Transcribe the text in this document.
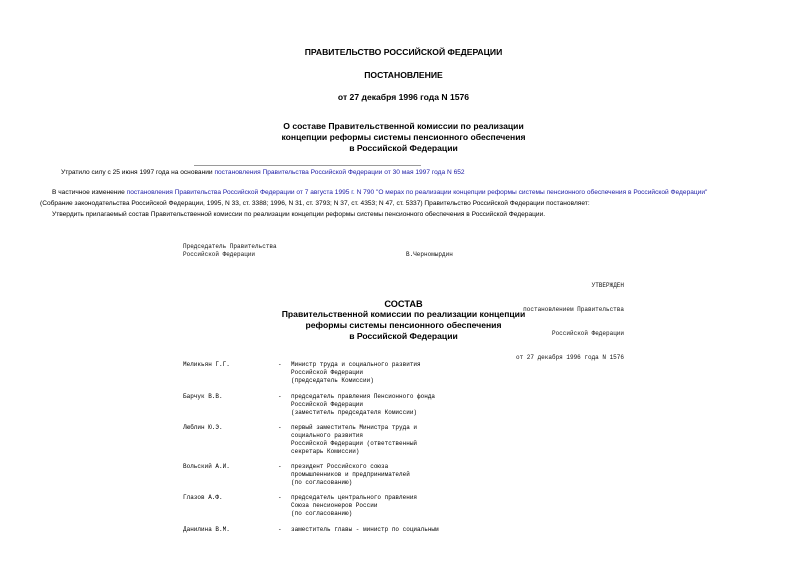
ПРАВИТЕЛЬСТВО РОССИЙСКОЙ ФЕДЕРАЦИИ
ПОСТАНОВЛЕНИЕ
от 27 декабря 1996 года N 1576
О составе Правительственной комиссии по реализации
концепции реформы системы пенсионного обеспечения
в Российской Федерации
Утратило силу с 25 июня 1997 года на основании постановления Правительства Российской Федерации от 30 мая 1997 года N 652
В частичное изменение постановления Правительства Российской Федерации от 7 августа 1995 г. N 790 "О мерах по реализации концепции реформы системы пенсионного обеспечения в Российской Федерации"
(Собрание законодательства Российской Федерации, 1995, N 33, ст. 3388; 1996, N 31, ст. 3793; N 37, ст. 4353; N 47, ст. 5337) Правительство Российской Федерации постановляет:
Утвердить прилагаемый состав Правительственной комиссии по реализации концепции реформы системы пенсионного обеспечения в Российской Федерации.
Председатель Правительства
Российской Федерации	В.Черномырдин

УТВЕРЖДЕН

постановлением Правительства

Российской Федерации

от 27 декабря 1996 года N 1576

СОСТАВ
Правительственной комиссии по реализации концепции
реформы системы пенсионного обеспечения
в Российской Федерации
Меликьян Г.Г.	- Министр труда и социального развития
Российской Федерации
(председатель Комиссии)
Барчук В.В.	- председатель правления Пенсионного фонда
Российской Федерации
(заместитель председателя Комиссии)
Люблин Ю.Э.	- первый заместитель Министра труда и
социального развития
Российской Федерации (ответственный
секретарь Комиссии)
Вольский А.И.	- президент Российского союза
промышленников и предпринимателей
(по согласованию)
Глазов А.Ф.	- председатель центрального правления
Союза пенсионеров России
(по согласованию)
Данилина В.М.	- заместитель главы - министр по социальным
